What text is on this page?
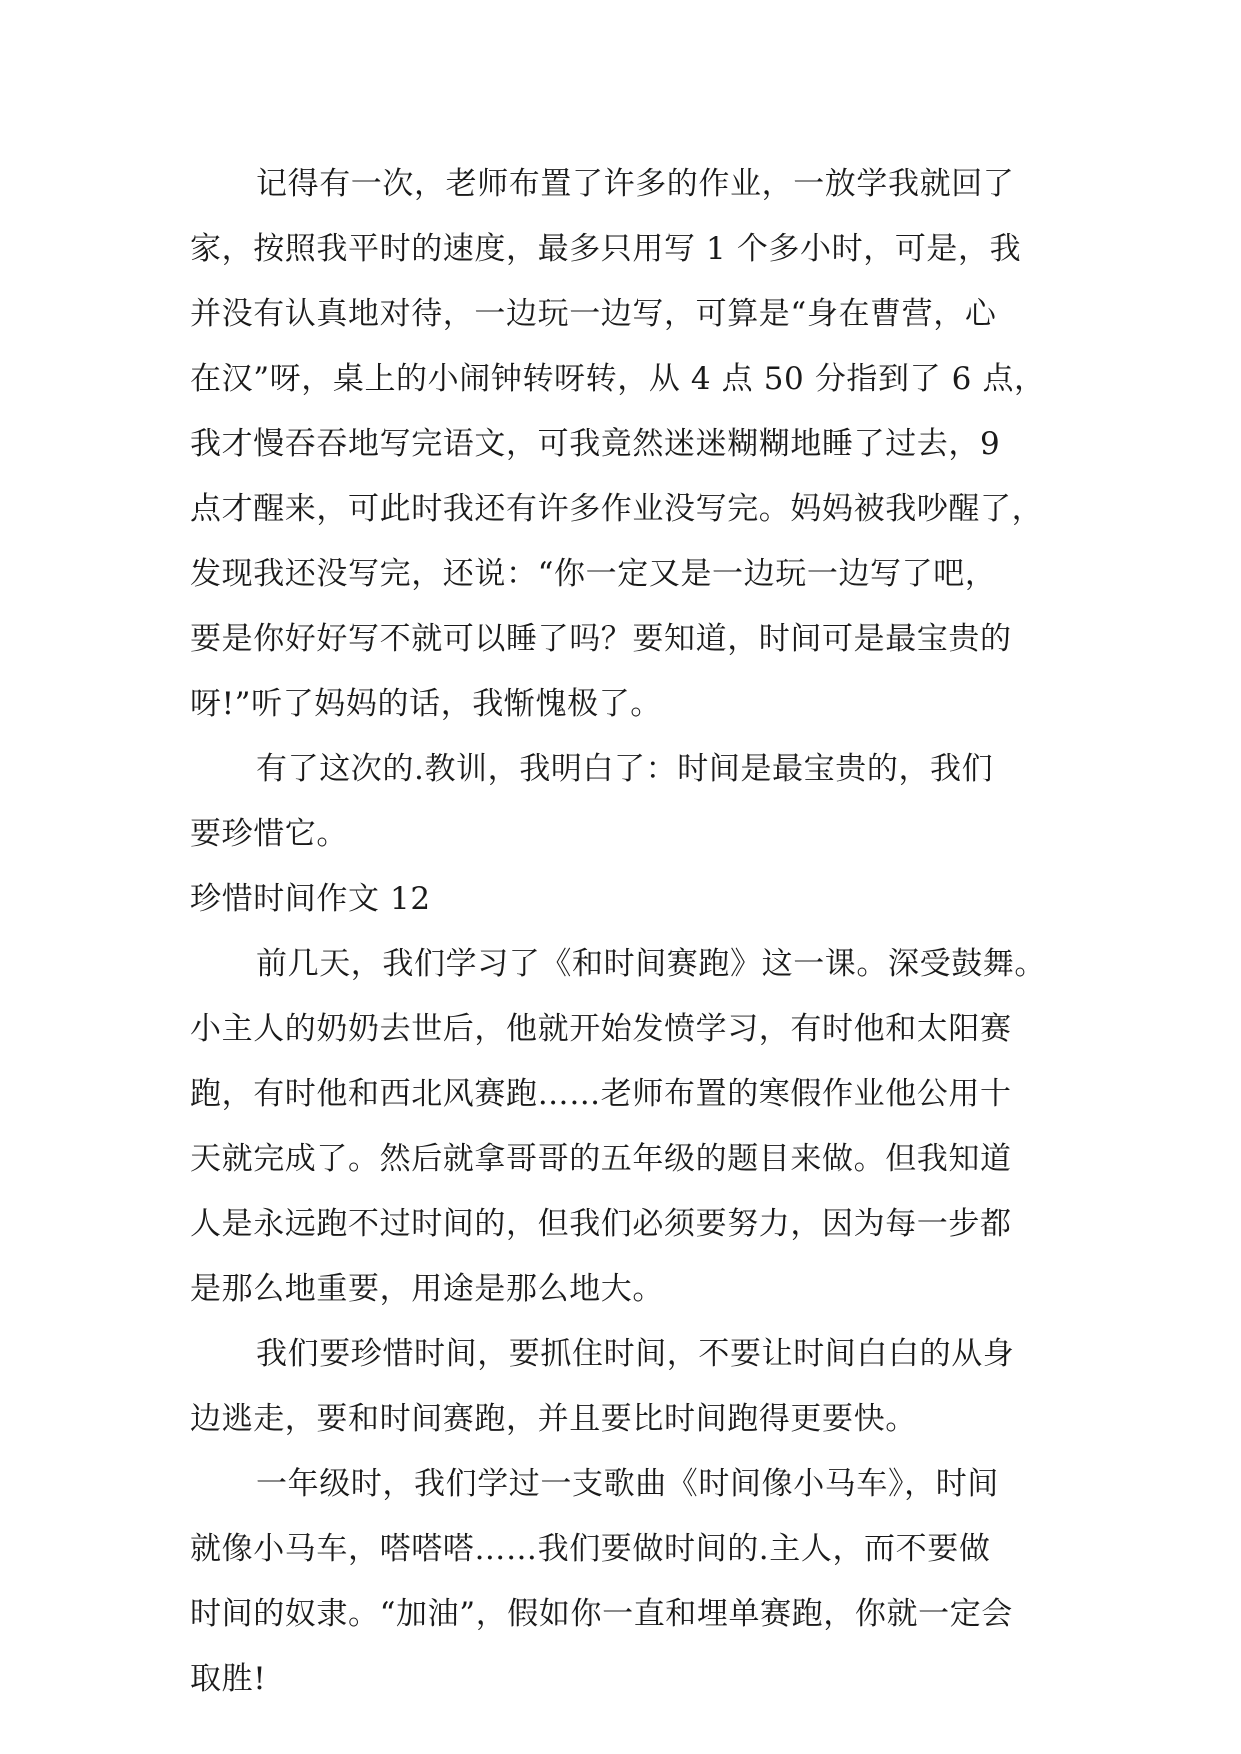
记得有一次，老师布置了许多的作业，一放学我就回了
家，按照我平时的速度，最多只用写 1 个多小时，可是，我
并没有认真地对待，一边玩一边写，可算是“身在曹营，心
在汉”呀，桌上的小闹钟转呀转，从 4 点 50 分指到了 6 点，
我才慢吞吞地写完语文，可我竟然迷迷糊糊地睡了过去，9
点才醒来，可此时我还有许多作业没写完。妈妈被我吵醒了，
发现我还没写完，还说：“你一定又是一边玩一边写了吧，
要是你好好写不就可以睡了吗？要知道，时间可是最宝贵的
呀!”听了妈妈的话，我惭愧极了。
有了这次的.教训，我明白了：时间是最宝贵的，我们
要珍惜它。
珍惜时间作文 12
前几天，我们学习了《和时间赛跑》这一课。深受鼓舞。
小主人的奶奶去世后，他就开始发愤学习，有时他和太阳赛
跑，有时他和西北风赛跑……老师布置的寒假作业他公用十
天就完成了。然后就拿哥哥的五年级的题目来做。但我知道
人是永远跑不过时间的，但我们必须要努力，因为每一步都
是那么地重要，用途是那么地大。
我们要珍惜时间，要抓住时间，不要让时间白白的从身
边逃走，要和时间赛跑，并且要比时间跑得更要快。
一年级时，我们学过一支歌曲《时间像小马车》，时间
就像小马车，嗒嗒嗒……我们要做时间的.主人，而不要做
时间的奴隶。“加油”，假如你一直和埋单赛跑，你就一定会
取胜!
